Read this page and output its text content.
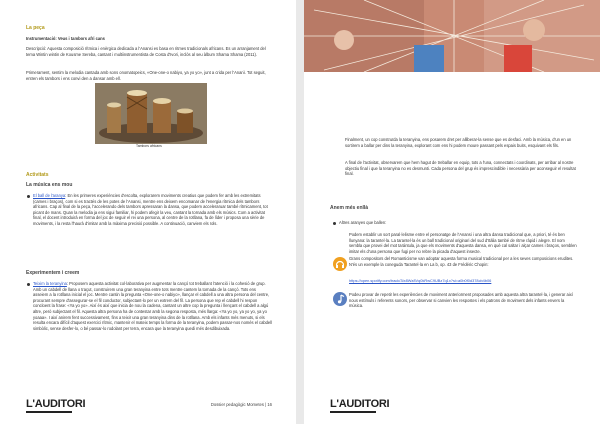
La peça

Instrumentació: Veus i tambors afri cans

Descripció: Aquesta composició rítmica i enèrgica dedicada a l'Anansi es basa en ritmes tradicionals africans. Es un arranjament del tema Wintin wintin de Kousme Sereba, cantant i multiinstrumentista de Costa d'Ivori, inclòs al seu àlbum Shama Shama (2011).

Primerament, sentim la melodia cantada amb sons onomatopeics, «One-one-o nabiyo, ya yo yo», junt a crida per l'Ananì. Tot seguit, entren els tambors i ens convi den a dansar amb ell.

Tambors africans

Activitats

La música ens mou

El ball de l'aranya: En les primeres experiències d'escolta, explorarem moviments creatius que podem fer amb les extremitats (cames i braços), com si es tractés de les potes de l'Anansi, mentre ens deixem encomanar de l'energia rítmica dels tambors africans. Cap al final de la peça, l'accelerando dels tambors apressaran la dansa, que podem acceleraruar també rítmicament, tot picant de mans. Quan la melodia ja ens sigui familiar, hi podem afegir la veu, cantant la tornada amb els músics. Com a activitat final, el docent introduirà en forma del joc de seguir el rei una persona, al centre de la rotllana, fa de líder i proposa una sèrie de moviments, i la resta l'haurà d'imitar amb la màxima precisió possible. A continuació, canviem els rols.

Experimentem i creem

Teixim la teranyina: Proposem aquesta activitat col·laborativa per augmentar la cançó tot treballant l'atenció i la cohesió de grup. Amb un cabdell de llana o traçut, construirem una gran teranyina entre tots mentre cantem la tornada de la cançó. Tots ens asseiem a la rotllana inicial el joc. Mentre cantin la pregunta «One-one-o nabiyo», llançar el cabdell a una altra persona del centre, procurant sempre d'assegurar-se el fil conductor, subjectant-lo per un extrem del fil. La persona que rep el cabdell hi respon concloent la frase: «Ya yo yo». Així és així que inicia de nou la cadena, cantant un altre cop la pregunta i llençant el cabdell a algú altre, però subjectant el fil. Aquesta altra persona ha de contestar amb la segona resposta, més llarga: «Ya yo yo, ya yo yo, ya yo yoaaa». I així anirem fent successivament, fins a teixir una gran teranyina dins de la rotllana. Amb els infants més menuts, si els resulta encara difícil d'aquest exercici rítmic, mantenir el mateix temps la forma de la teranyina, podem passar-nos només el cabdell simbòlic, sense desfer-lo, o bé passar-lo rodolant per terra, encara que la teranyina quedi més desdibuixada.

L'AUDITORI	Dossier pedagògic Mometes | 16

Finalment, un cop construïda la teranyina, ens posarem dret per alliberar-la sense que es desfaci. Amb la música, d'un en un sortirem a ballar per dins la teranyina, explorant com ens hi podem moure passant pels espais buits, esquivant els fils.

A final de l'activitat, observarem que hem hagut de treballar en equip, tots a l'una, connectats i coordinats, per arribar al nostre objectiu final i que la teranyina no es desmunti. Cada persona del grup és imprescindible i necessària per aconseguir el resultat final.

Anem més enllà

Altres aranyes que ballen:

Podem establir un sort paral·lelisme entre el personatge de l'Anansi i una altra dansa tradicional que, a priori, té és ben llunyana: la tarantel·la. La tarantel·la és un ball tradicional originari del sud d'Itàlia també de ritme ràpid i alegre. El nom sembla que provei del mot tarántula, ja que els moviments d'aquesta dansa, en què cal saltar i alçar cames i braços, semblen imitar els d'una persona que fugi per no rebre la picada d'aquest insecte.

Grans compositors del Romanticisme van adoptar aquesta forma musical tradicional per a les seves composicions erudites. N'és un exemple la coneguda Tarantel·la en La b, op. 43 de Frédéric Chopin:

https://open.spotify.com/track/3Ix8Wz8Vq0kRwC9UBz7q1x?si=a0b0f0d378cb4b06

Podeu provar de repetir les experiències de moviment anteriorment proposades amb aquesta altra tarantel·la, i generar així nous estímuls i referents sonors, per observar si canvien les respostes i els patrons de moviment dels infants envers la música.

L'AUDITORI
